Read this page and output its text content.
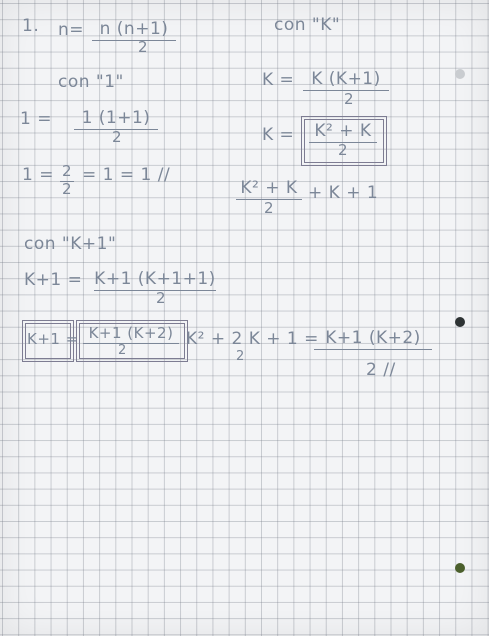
1. n= n (n+1)
2
con "K"
con "1"	K = K (K+1)
2
1 =	1 (1+1)
2	K =	K² + K
2
1 = 2
2
= 1 = 1 //
K² + K
2
+ K + 1
con "K+1"
K+1 = K+1 (K+1+1)
2
K+1 = K+1 (K+2)
2
K² + 2 K + 1 =
2
K+1 (K+2)
2 //
